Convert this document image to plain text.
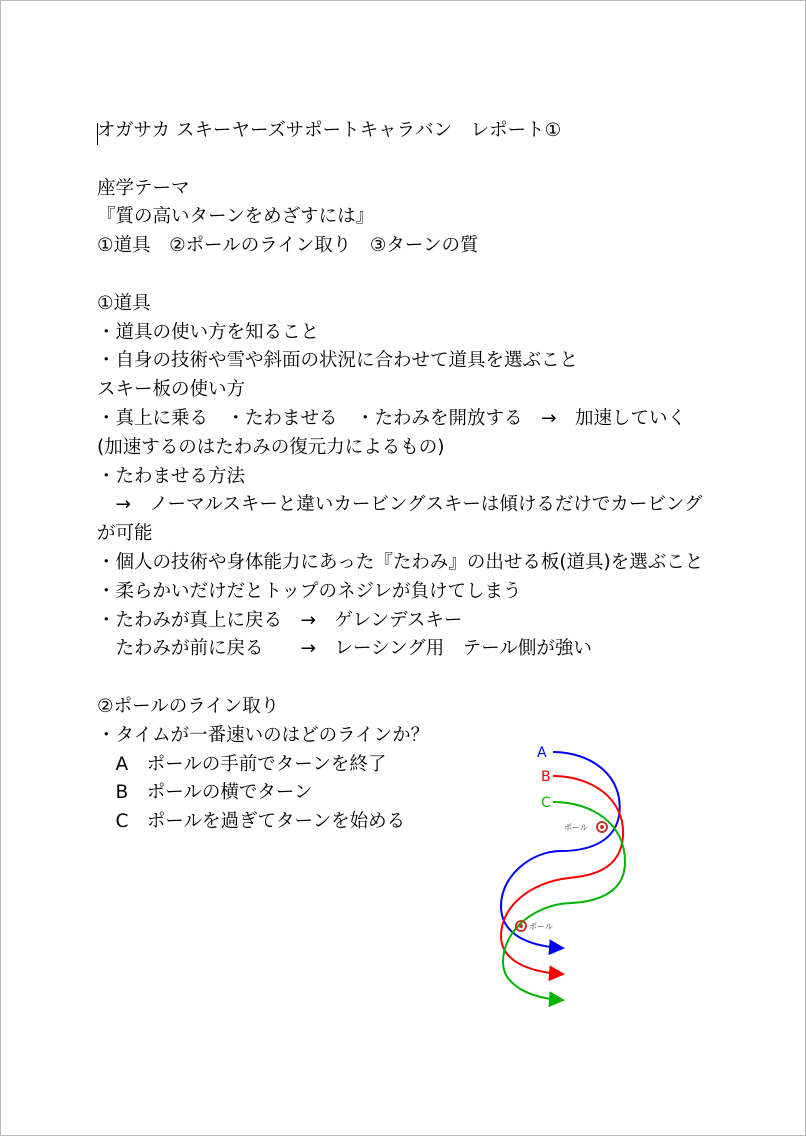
オガサカ スキーヤーズサポートキャラバン　レポート①
座学テーマ
『質の高いターンをめざすには』
①道具　②ポールのライン取り　③ターンの質
①道具
・道具の使い方を知ること
・自身の技術や雪や斜面の状況に合わせて道具を選ぶこと
スキー板の使い方
・真上に乗る　・たわませる　・たわみを開放する　→　加速していく
(加速するのはたわみの復元力によるもの)
・たわませる方法
　→　ノーマルスキーと違いカービングスキーは傾けるだけでカービングが可能
・個人の技術や身体能力にあった『たわみ』の出せる板(道具)を選ぶこと
・柔らかいだけだとトップのネジレが負けてしまう
・たわみが真上に戻る　→　ゲレンデスキー
　たわみが前に戻る　　→　レーシング用　テール側が強い
②ポールのライン取り
・タイムが一番速いのはどのラインか？
　A　ポールの手前でターンを終了
　B　ポールの横でターン
　C　ポールを過ぎてターンを始める
A
B
C
ポール
ポール
